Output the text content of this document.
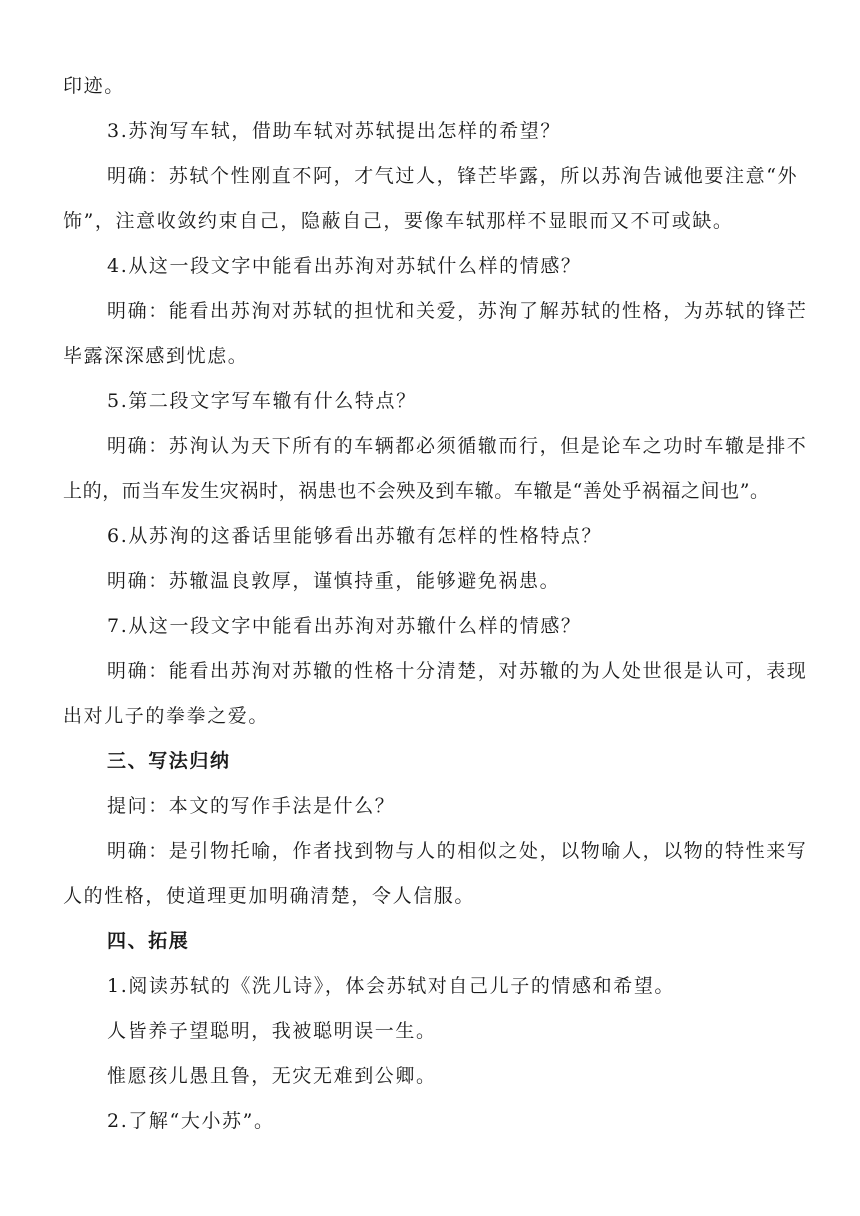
印迹。
3.苏洵写车轼，借助车轼对苏轼提出怎样的希望？
明确：苏轼个性刚直不阿，才气过人，锋芒毕露，所以苏洵告诫他要注意“外
饰”，注意收敛约束自己，隐蔽自己，要像车轼那样不显眼而又不可或缺。
4.从这一段文字中能看出苏洵对苏轼什么样的情感？
明确：能看出苏洵对苏轼的担忧和关爱，苏洵了解苏轼的性格，为苏轼的锋芒
毕露深深感到忧虑。
5.第二段文字写车辙有什么特点？
明确：苏洵认为天下所有的车辆都必须循辙而行，但是论车之功时车辙是排不
上的，而当车发生灾祸时，祸患也不会殃及到车辙。车辙是“善处乎祸福之间也”。
6.从苏洵的这番话里能够看出苏辙有怎样的性格特点？
明确：苏辙温良敦厚，谨慎持重，能够避免祸患。
7.从这一段文字中能看出苏洵对苏辙什么样的情感？
明确：能看出苏洵对苏辙的性格十分清楚，对苏辙的为人处世很是认可，表现
出对儿子的拳拳之爱。
三、写法归纳
提问：本文的写作手法是什么？
明确：是引物托喻，作者找到物与人的相似之处，以物喻人，以物的特性来写
人的性格，使道理更加明确清楚，令人信服。
四、拓展
1.阅读苏轼的《洗儿诗》，体会苏轼对自己儿子的情感和希望。
人皆养子望聪明，我被聪明误一生。
惟愿孩儿愚且鲁，无灾无难到公卿。
2.了解“大小苏”。
